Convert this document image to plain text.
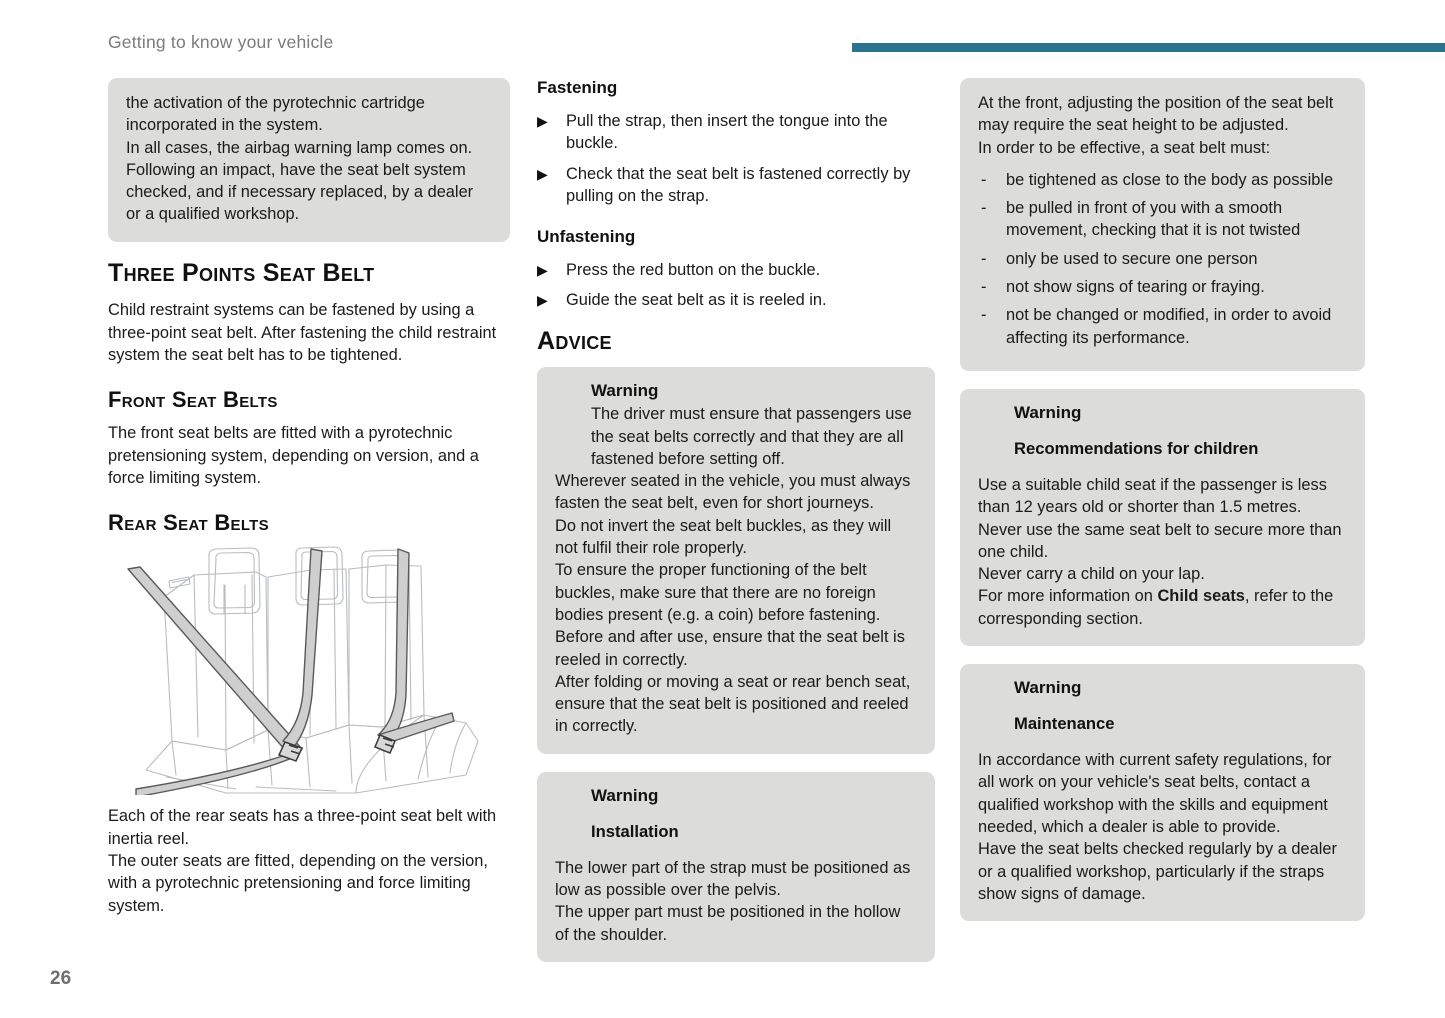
Getting to know your vehicle

the activation of the pyrotechnic cartridge incorporated in the system.

In all cases, the airbag warning lamp comes on.

Following an impact, have the seat belt system checked, and if necessary replaced, by a dealer or a qualified workshop.

Three Points Seat Belt

Child restraint systems can be fastened by using a three-point seat belt. After fastening the child restraint system the seat belt has to be tightened.

Front Seat Belts

The front seat belts are fitted with a pyrotechnic pretensioning system, depending on version, and a force limiting system.

Rear Seat Belts

Each of the rear seats has a three-point seat belt with inertia reel.

The outer seats are fitted, depending on the version, with a pyrotechnic pretensioning and force limiting system.

Fastening
▶ Pull the strap, then insert the tongue into the buckle.
▶ Check that the seat belt is fastened correctly by pulling on the strap.
Unfastening
▶ Press the red button on the buckle.
▶ Guide the seat belt as it is reeled in.
Advice
Warning
The driver must ensure that passengers use the seat belts correctly and that they are all fastened before setting off.

Wherever seated in the vehicle, you must always fasten the seat belt, even for short journeys.

Do not invert the seat belt buckles, as they will not fulfil their role properly.

To ensure the proper functioning of the belt buckles, make sure that there are no foreign bodies present (e.g. a coin) before fastening.

Before and after use, ensure that the seat belt is reeled in correctly.

After folding or moving a seat or rear bench seat, ensure that the seat belt is positioned and reeled in correctly.

Warning
Installation

The lower part of the strap must be positioned as low as possible over the pelvis.

The upper part must be positioned in the hollow of the shoulder.

At the front, adjusting the position of the seat belt may require the seat height to be adjusted.

In order to be effective, a seat belt must:

- be tightened as close to the body as possible
- be pulled in front of you with a smooth movement, checking that it is not twisted
- only be used to secure one person
- not show signs of tearing or fraying.
- not be changed or modified, in order to avoid affecting its performance.
Warning
Recommendations for children

Use a suitable child seat if the passenger is less than 12 years old or shorter than 1.5 metres.

Never use the same seat belt to secure more than one child.

Never carry a child on your lap.

For more information on Child seats, refer to the corresponding section.

Warning
Maintenance

In accordance with current safety regulations, for all work on your vehicle's seat belts, contact a qualified workshop with the skills and equipment needed, which a dealer is able to provide.

Have the seat belts checked regularly by a dealer or a qualified workshop, particularly if the straps show signs of damage.

26
